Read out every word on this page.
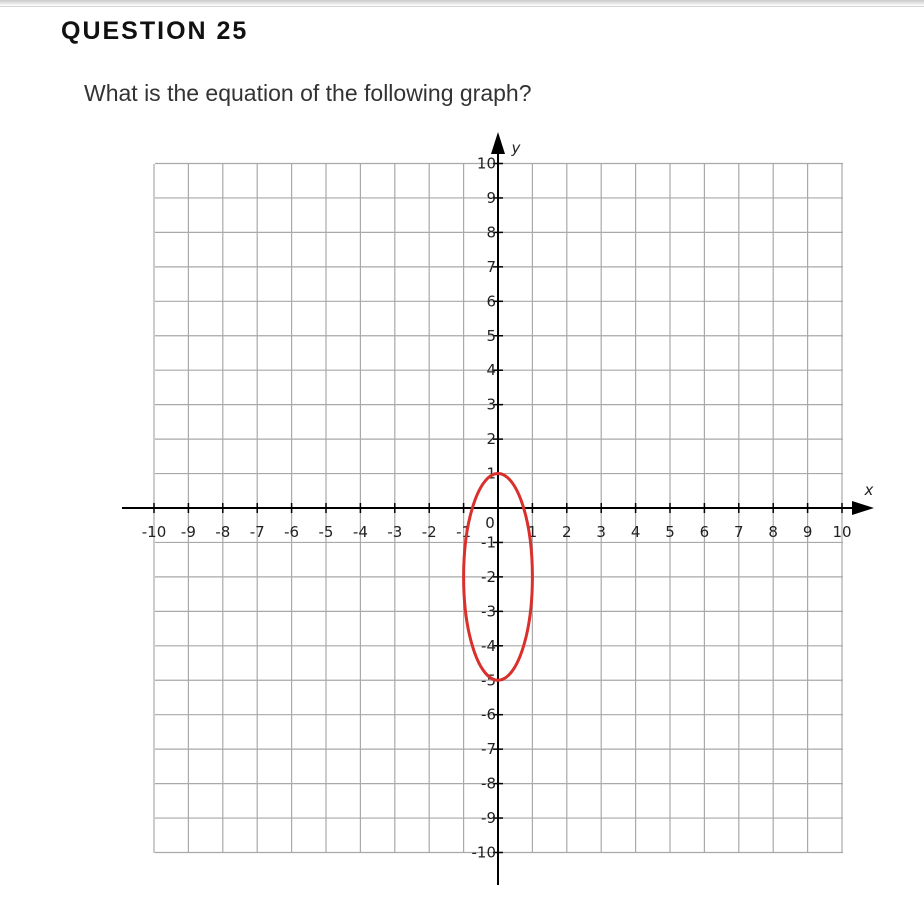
QUESTION 25

What is the equation of the following graph?

-10 -9 -8 -7 -6 -5 -4 -3 -2 -1 0 1 2 3 4 5 6 7 8 9 10
10
9
8
7
6
5
4
3
2
1
-1
-2
-3
-4
-5
-6
-7
-8
-9
-10
x
y
